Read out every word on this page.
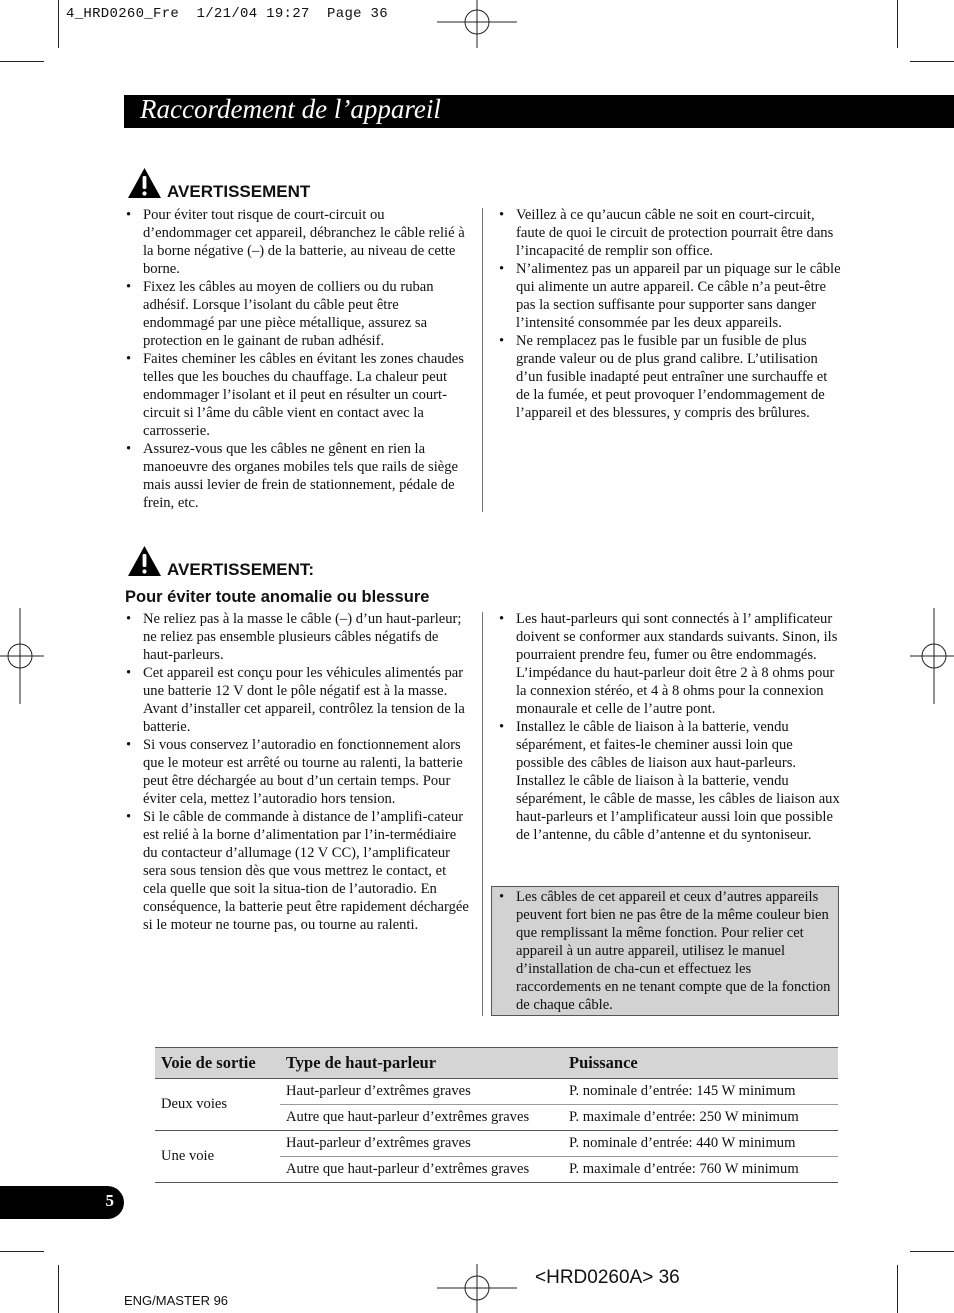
4_HRD0260_Fre  1/21/04 19:27  Page 36
Raccordement de l’appareil
AVERTISSEMENT
• Pour éviter tout risque de court-circuit ou d’endommager cet appareil, débranchez le câble relié à la borne négative (–) de la batterie, au niveau de cette borne.
• Fixez les câbles au moyen de colliers ou du ruban adhésif. Lorsque l’isolant du câble peut être endommagé par une pièce métallique, assurez sa protection en le gainant de ruban adhésif.
• Faites cheminer les câbles en évitant les zones chaudes telles que les bouches du chauffage. La chaleur peut endommager l’isolant et il peut en résulter un court-circuit si l’âme du câble vient en contact avec la carrosserie.
• Assurez-vous que les câbles ne gênent en rien la manoeuvre des organes mobiles tels que rails de siège mais aussi levier de frein de stationnement, pédale de frein, etc.
• Veillez à ce qu’aucun câble ne soit en court-circuit, faute de quoi le circuit de protection pourrait être dans l’incapacité de remplir son office.
• N’alimentez pas un appareil par un piquage sur le câble qui alimente un autre appareil. Ce câble n’a peut-être pas la section suffisante pour supporter sans danger l’intensité consommée par les deux appareils.
• Ne remplacez pas le fusible par un fusible de plus grande valeur ou de plus grand calibre. L’utilisation d’un fusible inadapté peut entraîner une surchauffe et de la fumée, et peut provoquer l’endommagement de l’appareil et des blessures, y compris des brûlures.
AVERTISSEMENT:
Pour éviter toute anomalie ou blessure
• Ne reliez pas à la masse le câble (–) d’un haut-parleur; ne reliez pas ensemble plusieurs câbles négatifs de haut-parleurs.
• Cet appareil est conçu pour les véhicules alimentés par une batterie 12 V dont le pôle négatif est à la masse. Avant d’installer cet appareil, contrôlez la tension de la batterie.
• Si vous conservez l’autoradio en fonctionnement alors que le moteur est arrêté ou tourne au ralenti, la batterie peut être déchargée au bout d’un certain temps. Pour éviter cela, mettez l’autoradio hors tension.
• Si le câble de commande à distance de l’amplifi-cateur est relié à la borne d’alimentation par l’in-termédiaire du contacteur d’allumage (12 V CC), l’amplificateur sera sous tension dès que vous mettrez le contact, et cela quelle que soit la situa-tion de l’autoradio. En conséquence, la batterie peut être rapidement déchargée si le moteur ne tourne pas, ou tourne au ralenti.
• Les haut-parleurs qui sont connectés à l’ amplificateur doivent se conformer aux standards suivants. Sinon, ils pourraient prendre feu, fumer ou être endommagés. L’impédance du haut-parleur doit être 2 à 8 ohms pour la connexion stéréo, et 4 à 8 ohms pour la connexion monaurale et celle de l’autre pont.
• Installez le câble de liaison à la batterie, vendu séparément, et faites-le cheminer aussi loin que possible des câbles de liaison aux haut-parleurs. Installez le câble de liaison à la batterie, vendu séparément, le câble de masse, les câbles de liaison aux haut-parleurs et l’amplificateur aussi loin que possible de l’antenne, du câble d’antenne et du syntoniseur.
• Les câbles de cet appareil et ceux d’autres appareils peuvent fort bien ne pas être de la même couleur bien que remplissant la même fonction. Pour relier cet appareil à un autre appareil, utilisez le manuel d’installation de cha-cun et effectuez les raccordements en ne tenant compte que de la fonction de chaque câble.
Voie de sortie	Type de haut-parleur	Puissance
Deux voies	Haut-parleur d’extrêmes graves	P. nominale d’entrée: 145 W minimum
	Autre que haut-parleur d’extrêmes graves	P. maximale d’entrée: 250 W minimum
Une voie	Haut-parleur d’extrêmes graves	P. nominale d’entrée: 440 W minimum
	Autre que haut-parleur d’extrêmes graves	P. maximale d’entrée: 760 W minimum
5
<HRD0260A> 36
ENG/MASTER 96
